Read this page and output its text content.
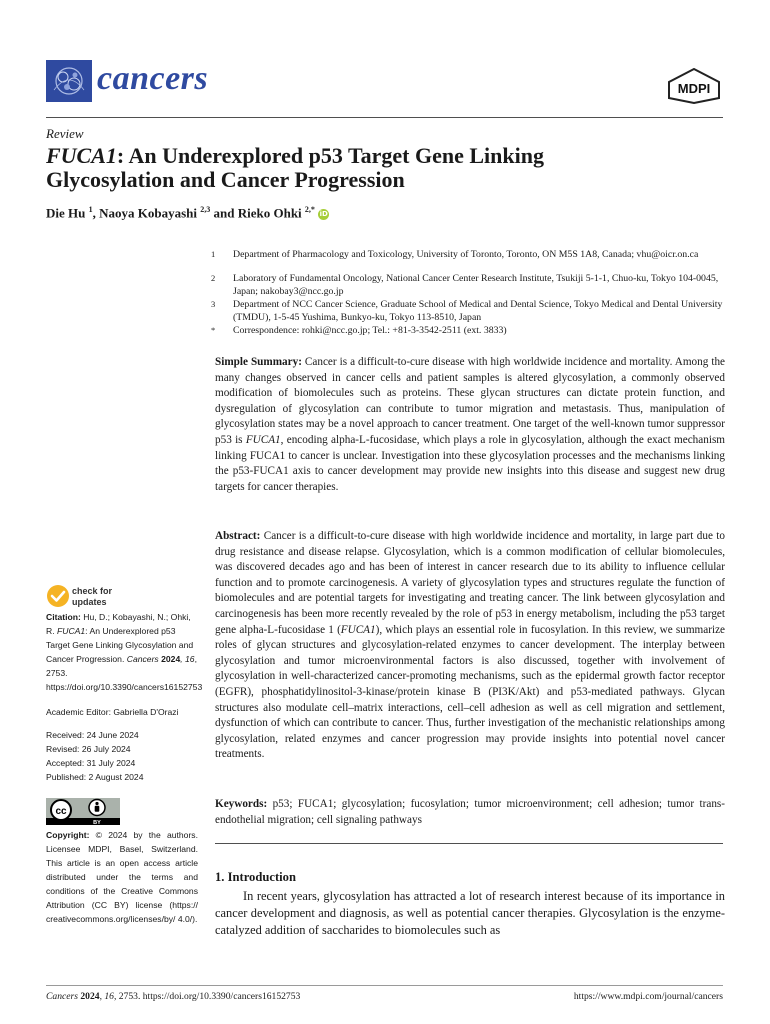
cancers	MDPI
Review
FUCA1: An Underexplored p53 Target Gene Linking
Glycosylation and Cancer Progression
Die Hu $^1$, Naoya Kobayashi $^{2,3}$ and Rieko Ohki $^{2,*}$ iD
1	Department of Pharmacology and Toxicology, University of Toronto, Toronto, ON M5S 1A8, Canada; vhu@oicr.on.ca
2	Laboratory of Fundamental Oncology, National Cancer Center Research Institute, Tsukiji 5-1-1, Chuo-ku, Tokyo 104-0045, Japan; nakobay3@ncc.go.jp
3	Department of NCC Cancer Science, Graduate School of Medical and Dental Science, Tokyo Medical and Dental University (TMDU), 1-5-45 Yushima, Bunkyo-ku, Tokyo 113-8510, Japan
*	Correspondence: rohki@ncc.go.jp; Tel.: +81-3-3542-2511 (ext. 3833)
Simple Summary: Cancer is a difficult-to-cure disease with high worldwide incidence and mortality. Among the many changes observed in cancer cells and patient samples is altered glycosylation, a commonly observed modification of biomolecules such as proteins. These glycan structures can dictate protein function, and dysregulation of glycosylation can contribute to tumor migration and metastasis. Thus, manipulation of glycosylation states may be a novel approach to cancer treatment. One target of the well-known tumor suppressor p53 is FUCA1, encoding alpha-L-fucosidase, which plays a role in glycosylation, although the exact mechanism linking FUCA1 to cancer is unclear. Investigation into these glycosylation processes and the mechanisms linking the p53-FUCA1 axis to cancer development may provide new insights into this disease and suggest new drug targets for cancer therapies.
Abstract: Cancer is a difficult-to-cure disease with high worldwide incidence and mortality, in large part due to drug resistance and disease relapse. Glycosylation, which is a common modification of cellular biomolecules, was discovered decades ago and has been of interest in cancer research due to its ability to influence cellular function and to promote carcinogenesis. A variety of glycosylation types and structures regulate the function of biomolecules and are potential targets for investigating and treating cancer. The link between glycosylation and carcinogenesis has been more recently revealed by the role of p53 in energy metabolism, including the p53 target gene alpha-L-fucosidase 1 (FUCA1), which plays an essential role in fucosylation. In this review, we summarize roles of glycan structures and glycosylation-related enzymes to cancer development. The interplay between glycosylation and tumor microenvironmental factors is also discussed, together with involvement of glycosylation in well-characterized cancer-promoting mechanisms, such as the epidermal growth factor receptor (EGFR), phosphatidylinositol-3-kinase/protein kinase B (PI3K/Akt) and p53-mediated pathways. Glycan structures also modulate cell–matrix interactions, cell–cell adhesion as well as cell migration and settlement, dysfunction of which can contribute to cancer. Thus, further investigation of the mechanistic relationships among glycosylation, related enzymes and cancer progression may provide insights into potential novel cancer treatments.
Keywords: p53; FUCA1; glycosylation; fucosylation; tumor microenvironment; cell adhesion; tumor trans-endothelial migration; cell signaling pathways
check for
updates
Citation: Hu, D.; Kobayashi, N.; Ohki, R. FUCA1: An Underexplored p53 Target Gene Linking Glycosylation and Cancer Progression. Cancers 2024, 16, 2753. https://doi.org/10.3390/cancers16152753
Academic Editor: Gabriella D'Orazi
Received: 24 June 2024
Revised: 26 July 2024
Accepted: 31 July 2024
Published: 2 August 2024
cc
BY
Copyright: © 2024 by the authors. Licensee MDPI, Basel, Switzerland. This article is an open access article distributed under the terms and conditions of the Creative Commons Attribution (CC BY) license (https:// creativecommons.org/licenses/by/ 4.0/).
1. Introduction
In recent years, glycosylation has attracted a lot of research interest because of its importance in cancer development and diagnosis, as well as potential cancer therapies. Glycosylation is the enzyme-catalyzed addition of saccharides to biomolecules such as
Cancers 2024, 16, 2753. https://doi.org/10.3390/cancers16152753	https://www.mdpi.com/journal/cancers
